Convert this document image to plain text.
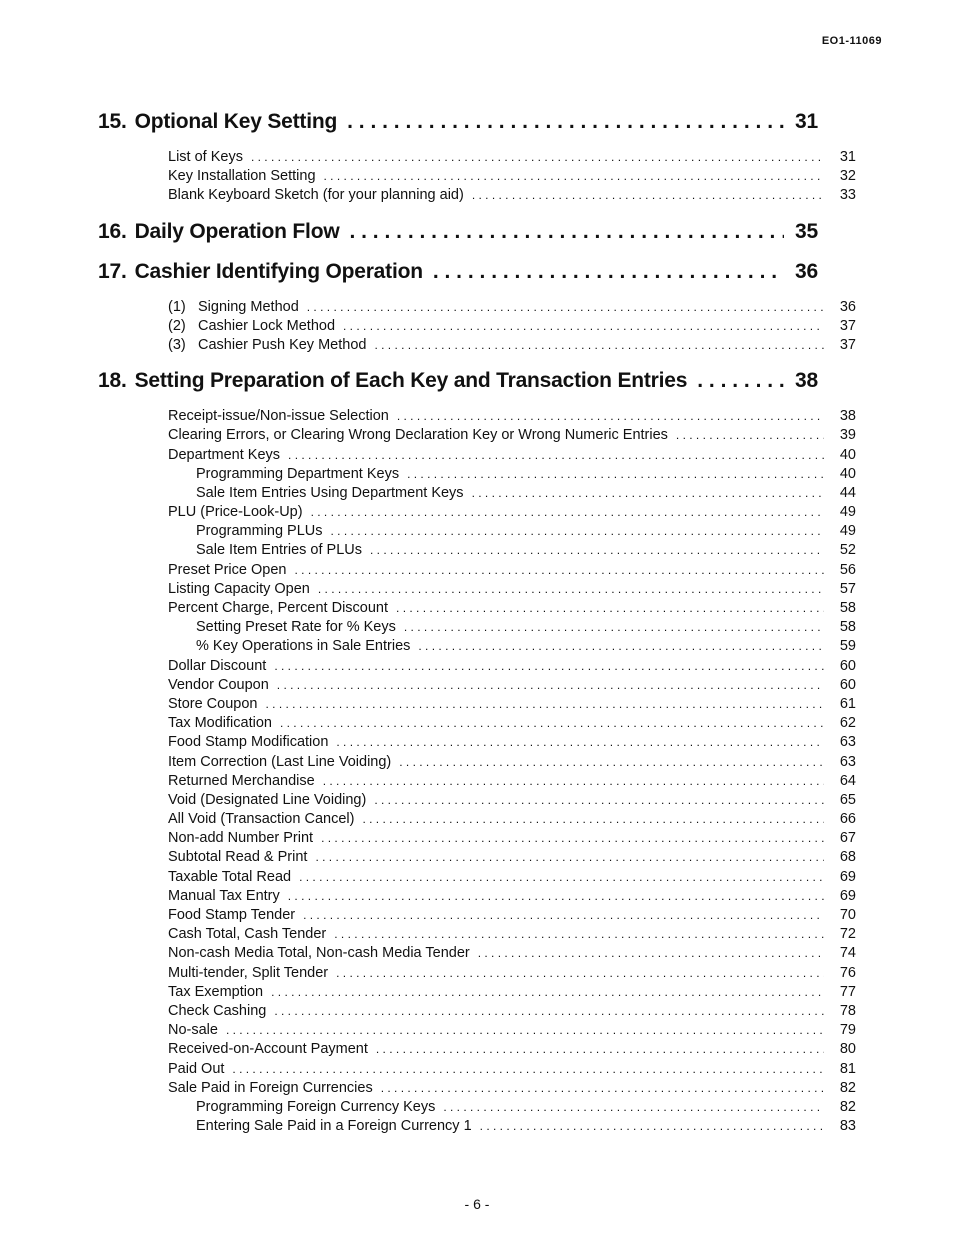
EO1-11069
15. Optional Key Setting . . .	31
List of Keys . . .	31
Key Installation Setting . . .	32
Blank Keyboard Sketch (for your planning aid) . . .	33
16. Daily Operation Flow . . .	35
17. Cashier Identifying Operation . . .	36
(1) Signing Method . . .	36
(2) Cashier Lock Method . . .	37
(3) Cashier Push Key Method . . .	37
18. Setting Preparation of Each Key and Transaction Entries . . .	38
Receipt-issue/Non-issue Selection . . .	38
Clearing Errors, or Clearing Wrong Declaration Key or Wrong Numeric Entries . . .	39
Department Keys . . .	40
Programming Department Keys . . .	40
Sale Item Entries Using Department Keys . . .	44
PLU (Price-Look-Up) . . .	49
Programming PLUs . . .	49
Sale Item Entries of PLUs . . .	52
Preset Price Open . . .	56
Listing Capacity Open . . .	57
Percent Charge, Percent Discount . . .	58
Setting Preset Rate for % Keys . . .	58
% Key Operations in Sale Entries . . .	59
Dollar Discount . . .	60
Vendor Coupon . . .	60
Store Coupon . . .	61
Tax Modification . . .	62
Food Stamp Modification . . .	63
Item Correction (Last Line Voiding) . . .	63
Returned Merchandise . . .	64
Void (Designated Line Voiding) . . .	65
All Void (Transaction Cancel) . . .	66
Non-add Number Print . . .	67
Subtotal Read & Print . . .	68
Taxable Total Read . . .	69
Manual Tax Entry . . .	69
Food Stamp Tender . . .	70
Cash Total, Cash Tender . . .	72
Non-cash Media Total, Non-cash Media Tender . . .	74
Multi-tender, Split Tender . . .	76
Tax Exemption . . .	77
Check Cashing . . .	78
No-sale . . .	79
Received-on-Account Payment . . .	80
Paid Out . . .	81
Sale Paid in Foreign Currencies . . .	82
Programming Foreign Currency Keys . . .	82
Entering Sale Paid in a Foreign Currency 1 . . .	83
- 6 -
